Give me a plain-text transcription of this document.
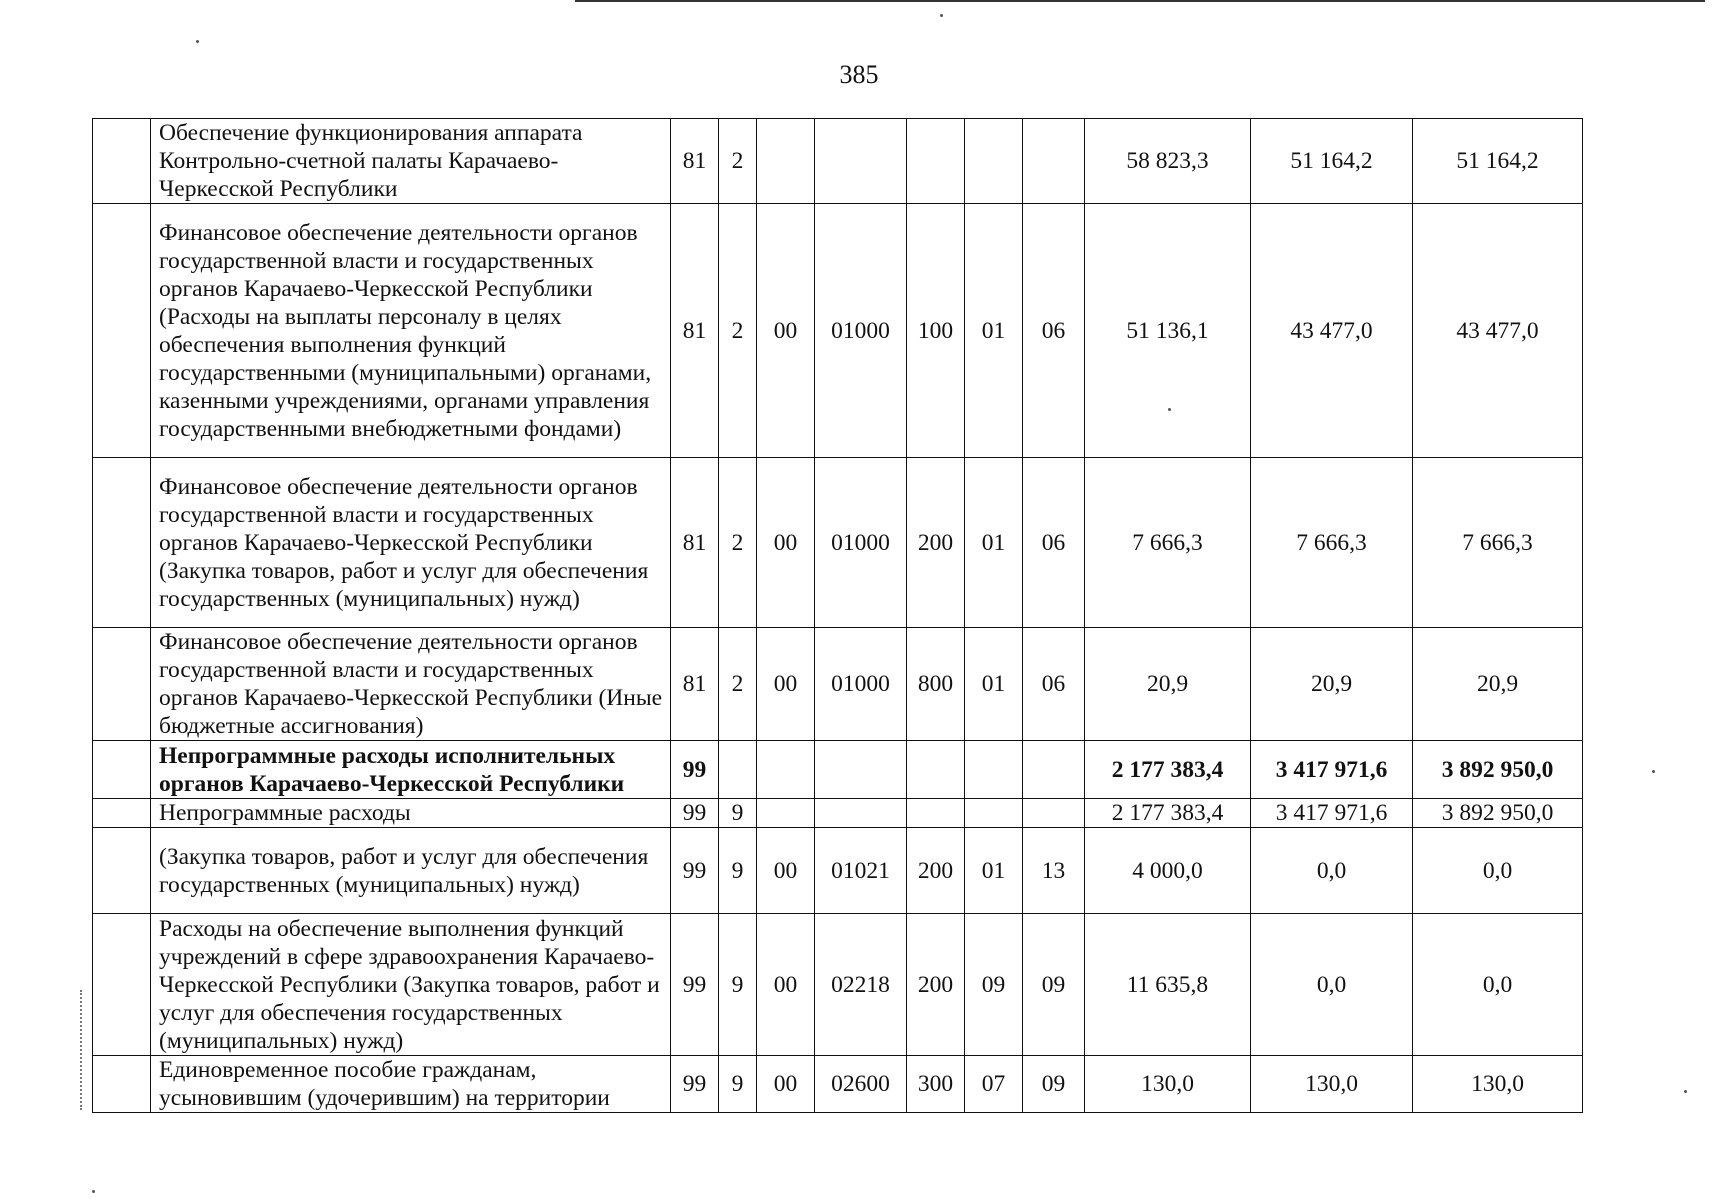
385
	Обеспечение функционирования аппарата Контрольно-счетной палаты Карачаево-Черкесской Республики	81	2						58 823,3	51 164,2	51 164,2
	Финансовое обеспечение деятельности органов государственной власти и государственных органов Карачаево-Черкесской Республики (Расходы на выплаты персоналу в целях обеспечения выполнения функций государственными (муниципальными) органами, казенными учреждениями, органами управления государственными внебюджетными фондами)	81	2	00	01000	100	01	06	51 136,1	43 477,0	43 477,0
	Финансовое обеспечение деятельности органов государственной власти и государственных органов Карачаево-Черкесской Республики (Закупка товаров, работ и услуг для обеспечения государственных (муниципальных) нужд)	81	2	00	01000	200	01	06	7 666,3	7 666,3	7 666,3
	Финансовое обеспечение деятельности органов государственной власти и государственных органов Карачаево-Черкесской Республики (Иные бюджетные ассигнования)	81	2	00	01000	800	01	06	20,9	20,9	20,9
	Непрограммные расходы исполнительных органов Карачаево-Черкесской Республики	99							2 177 383,4	3 417 971,6	3 892 950,0
	Непрограммные расходы	99	9						2 177 383,4	3 417 971,6	3 892 950,0
	(Закупка товаров, работ и услуг для обеспечения государственных (муниципальных) нужд)	99	9	00	01021	200	01	13	4 000,0	0,0	0,0
	Расходы на обеспечение выполнения функций учреждений в сфере здравоохранения Карачаево-Черкесской Республики (Закупка товаров, работ и услуг для обеспечения государственных (муниципальных) нужд)	99	9	00	02218	200	09	09	11 635,8	0,0	0,0
	Единовременное пособие гражданам, усыновившим (удочерившим) на территории	99	9	00	02600	300	07	09	130,0	130,0	130,0
